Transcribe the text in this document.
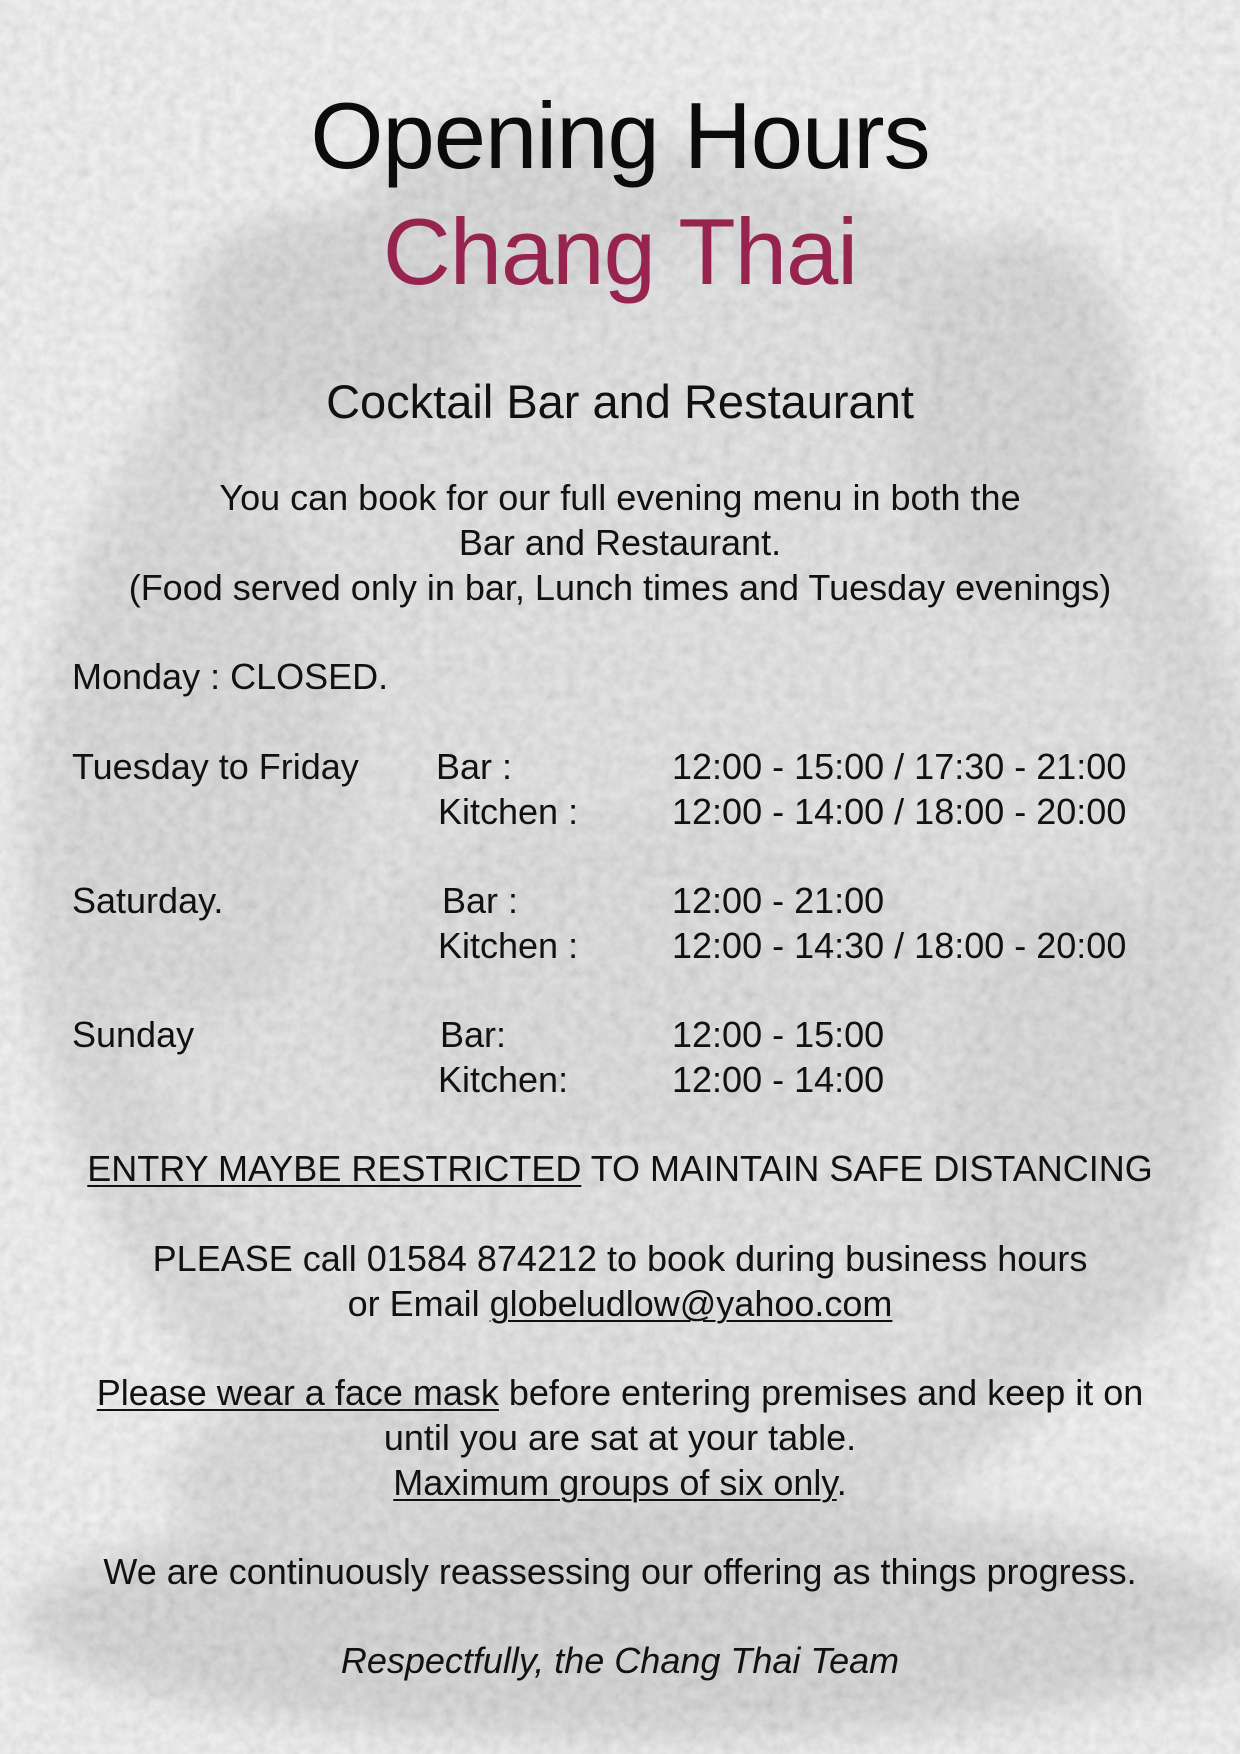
Opening Hours
Chang Thai
Cocktail Bar and Restaurant
You can book for our full evening menu in both the
Bar and Restaurant.
(Food served only in bar, Lunch times and Tuesday evenings)
Monday : CLOSED.
Tuesday to Friday Bar :	12:00 - 15:00 / 17:30 - 21:00
Kitchen :	12:00 - 14:00 / 18:00 - 20:00
Saturday.	Bar :	12:00 - 21:00
Kitchen :	12:00 - 14:30 / 18:00 - 20:00
Sunday	Bar:	12:00 - 15:00
Kitchen:	12:00 - 14:00
ENTRY MAYBE RESTRICTED TO MAINTAIN SAFE DISTANCING
PLEASE call 01584 874212 to book during business hours
or Email globeludlow@yahoo.com
Please wear a face mask before entering premises and keep it on
until you are sat at your table.
Maximum groups of six only.
We are continuously reassessing our offering as things progress.
Respectfully, the Chang Thai Team
